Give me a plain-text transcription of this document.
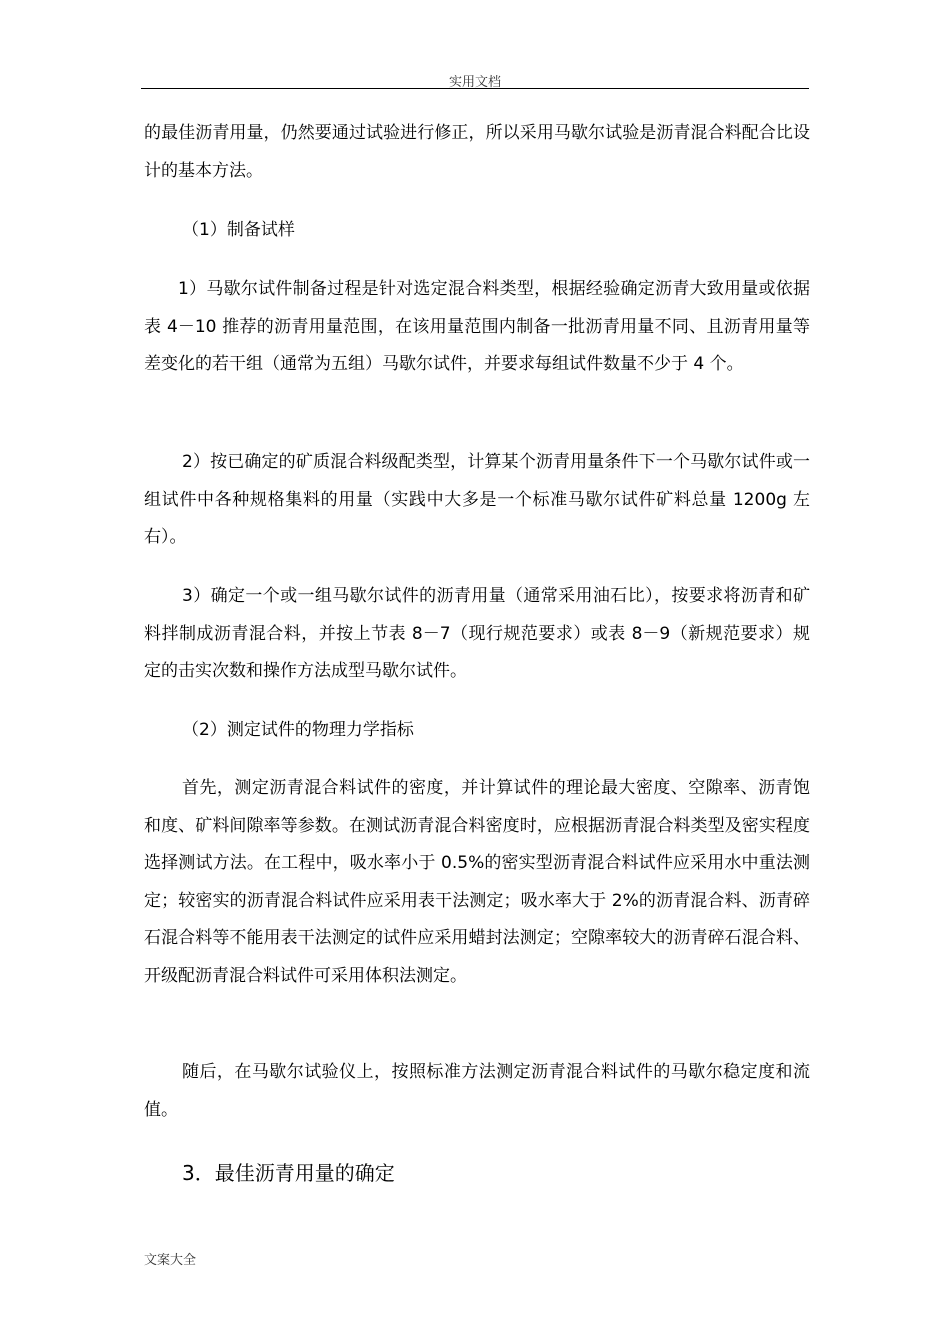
实用文档

的最佳沥青用量，仍然要通过试验进行修正，所以采用马歇尔试验是沥青混合料配合比设计的基本方法。

（1）制备试样

1）马歇尔试件制备过程是针对选定混合料类型，根据经验确定沥青大致用量或依据表 4－10 推荐的沥青用量范围，在该用量范围内制备一批沥青用量不同、且沥青用量等差变化的若干组（通常为五组）马歇尔试件，并要求每组试件数量不少于 4 个。

2）按已确定的矿质混合料级配类型，计算某个沥青用量条件下一个马歇尔试件或一组试件中各种规格集料的用量（实践中大多是一个标准马歇尔试件矿料总量 1200g 左右）。

3）确定一个或一组马歇尔试件的沥青用量（通常采用油石比），按要求将沥青和矿料拌制成沥青混合料，并按上节表 8－7（现行规范要求）或表 8－9（新规范要求）规定的击实次数和操作方法成型马歇尔试件。

（2）测定试件的物理力学指标

首先，测定沥青混合料试件的密度，并计算试件的理论最大密度、空隙率、沥青饱和度、矿料间隙率等参数。在测试沥青混合料密度时，应根据沥青混合料类型及密实程度选择测试方法。在工程中，吸水率小于 0.5%的密实型沥青混合料试件应采用水中重法测定；较密实的沥青混合料试件应采用表干法测定；吸水率大于 2%的沥青混合料、沥青碎石混合料等不能用表干法测定的试件应采用蜡封法测定；空隙率较大的沥青碎石混合料、开级配沥青混合料试件可采用体积法测定。

随后，在马歇尔试验仪上，按照标准方法测定沥青混合料试件的马歇尔稳定度和流值。

3．最佳沥青用量的确定

文案大全
